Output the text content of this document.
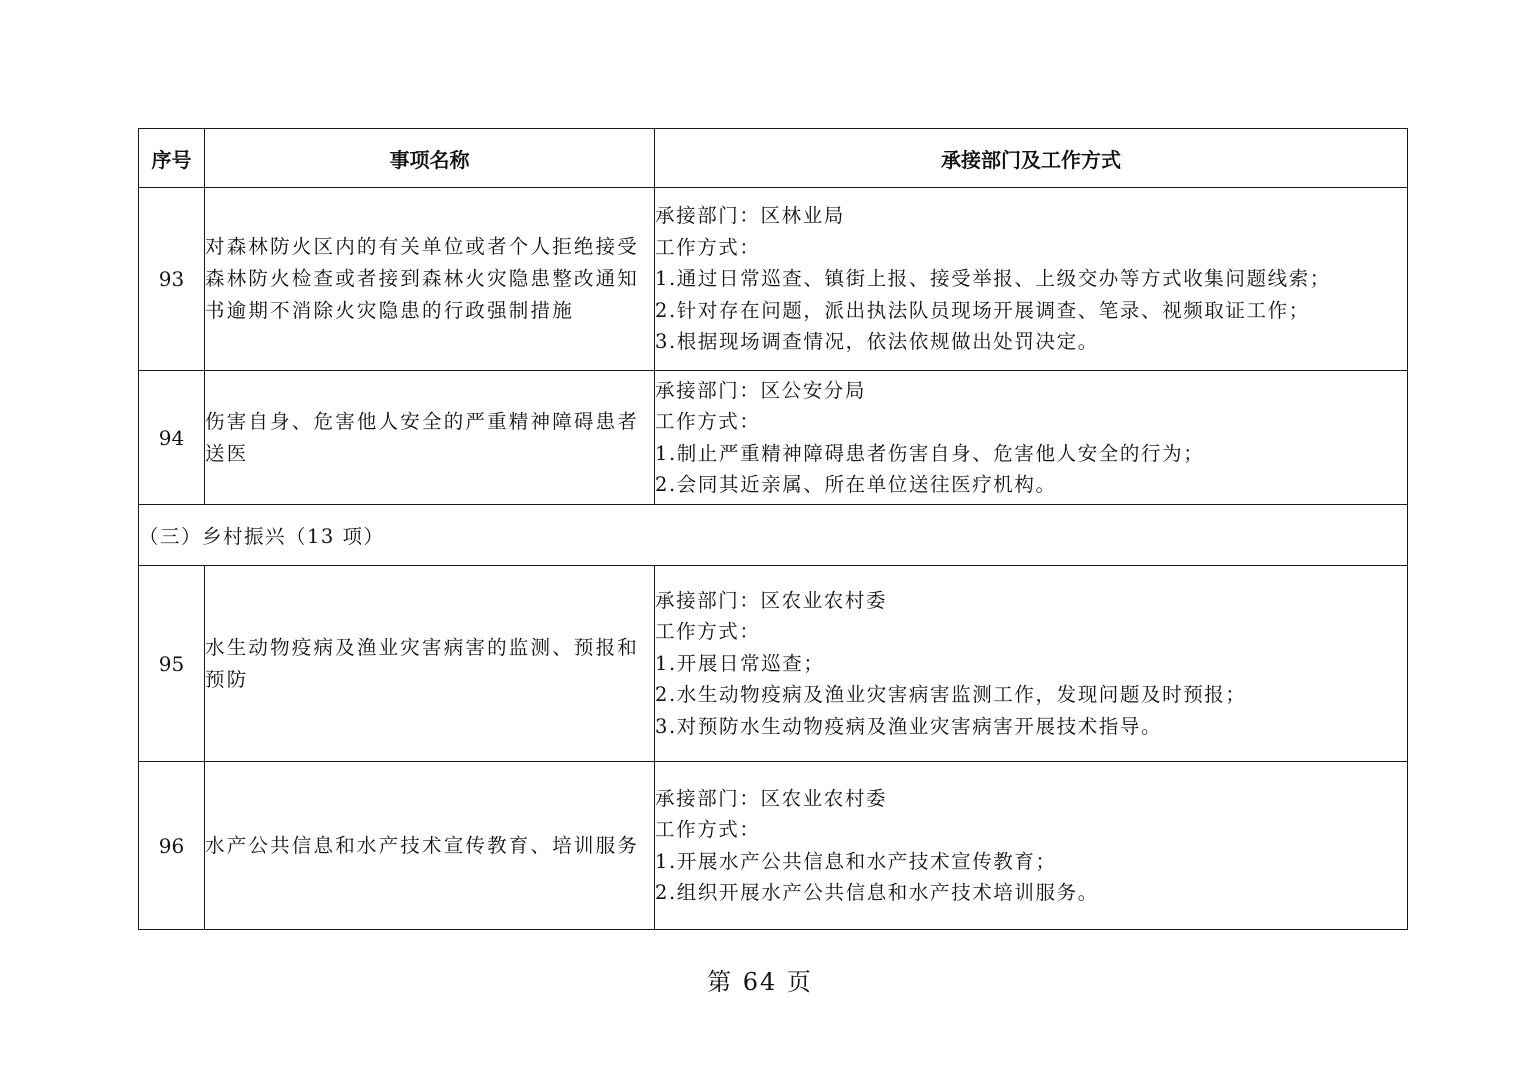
序号	事项名称	承接部门及工作方式
93	对森林防火区内的有关单位或者个人拒绝接受森林防火检查或者接到森林火灾隐患整改通知书逾期不消除火灾隐患的行政强制措施	承接部门：区林业局
工作方式：
1.通过日常巡查、镇街上报、接受举报、上级交办等方式收集问题线索；
2.针对存在问题，派出执法队员现场开展调查、笔录、视频取证工作；
3.根据现场调查情况，依法依规做出处罚决定。

94	伤害自身、危害他人安全的严重精神障碍患者送医	承接部门：区公安分局
工作方式：
1.制止严重精神障碍患者伤害自身、危害他人安全的行为；
2.会同其近亲属、所在单位送往医疗机构。

（三）乡村振兴（13 项）		
95	水生动物疫病及渔业灾害病害的监测、预报和预防	承接部门：区农业农村委
工作方式：
1.开展日常巡查；
2.水生动物疫病及渔业灾害病害监测工作，发现问题及时预报；
3.对预防水生动物疫病及渔业灾害病害开展技术指导。

96	水产公共信息和水产技术宣传教育、培训服务	承接部门：区农业农村委
工作方式：
1.开展水产公共信息和水产技术宣传教育；
2.组织开展水产公共信息和水产技术培训服务。
第 64 页
